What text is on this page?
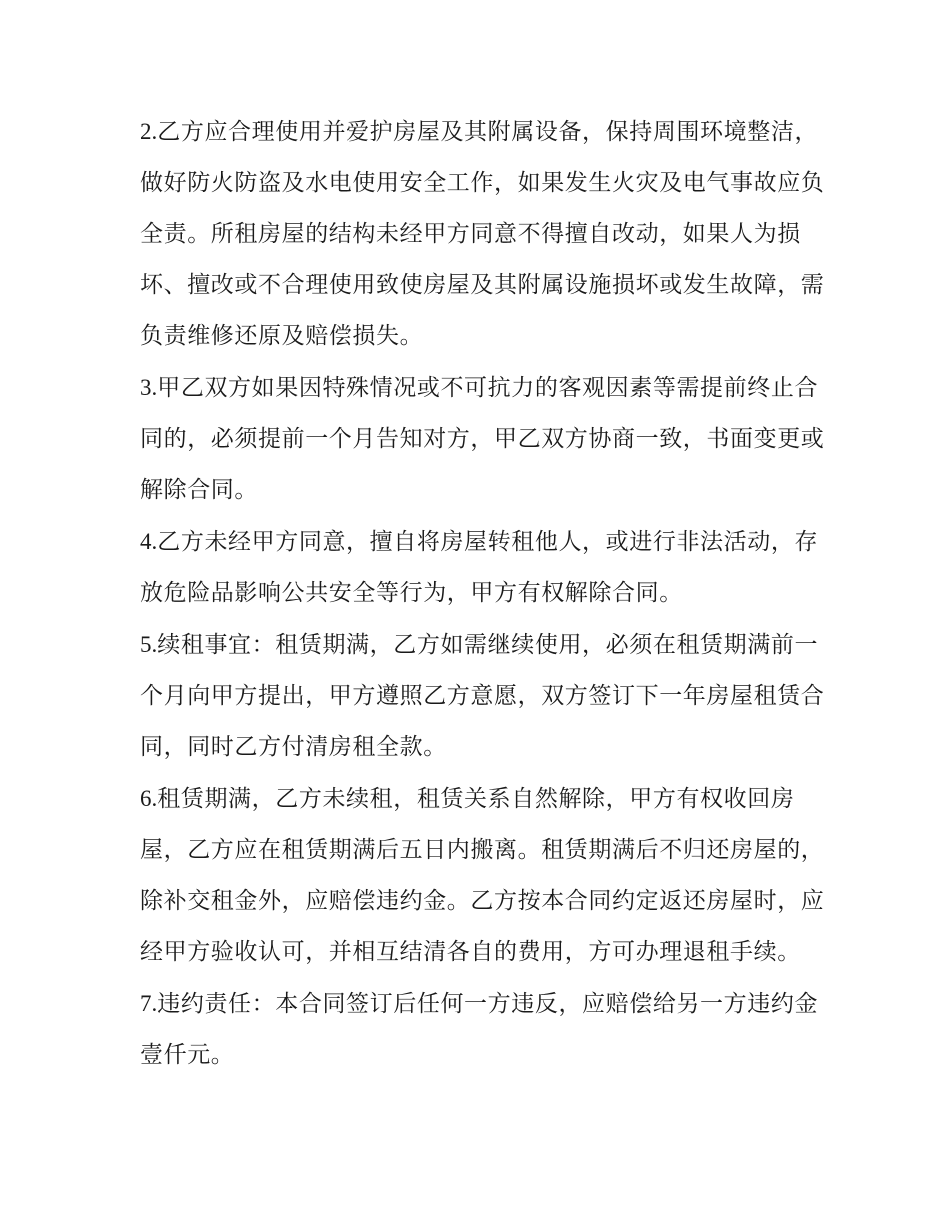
2.乙方应合理使用并爱护房屋及其附属设备，保持周围环境整洁，做好防火防盗及水电使用安全工作，如果发生火灾及电气事故应负全责。所租房屋的结构未经甲方同意不得擅自改动，如果人为损坏、擅改或不合理使用致使房屋及其附属设施损坏或发生故障，需负责维修还原及赔偿损失。

3.甲乙双方如果因特殊情况或不可抗力的客观因素等需提前终止合同的，必须提前一个月告知对方，甲乙双方协商一致，书面变更或解除合同。

4.乙方未经甲方同意，擅自将房屋转租他人，或进行非法活动，存放危险品影响公共安全等行为，甲方有权解除合同。

5.续租事宜：租赁期满，乙方如需继续使用，必须在租赁期满前一个月向甲方提出，甲方遵照乙方意愿，双方签订下一年房屋租赁合同，同时乙方付清房租全款。

6.租赁期满，乙方未续租，租赁关系自然解除，甲方有权收回房屋，乙方应在租赁期满后五日内搬离。租赁期满后不归还房屋的，除补交租金外，应赔偿违约金。乙方按本合同约定返还房屋时，应经甲方验收认可，并相互结清各自的费用，方可办理退租手续。

7.违约责任：本合同签订后任何一方违反，应赔偿给另一方违约金壹仟元。
